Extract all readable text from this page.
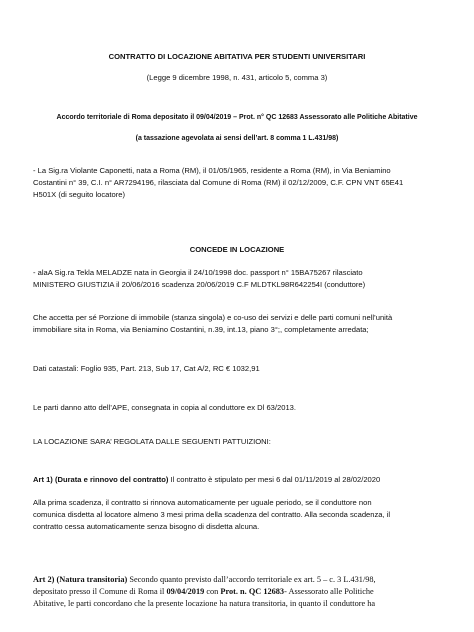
CONTRATTO DI LOCAZIONE ABITATIVA PER STUDENTI UNIVERSITARI
(Legge 9 dicembre 1998, n. 431, articolo 5, comma 3)
Accordo territoriale di Roma depositato il 09/04/2019 – Prot. n° QC 12683 Assessorato alle Politiche Abitative
(a tassazione agevolata ai sensi dell’art. 8 comma 1 L.431/98)
- La Sig.ra Violante Caponetti, nata a Roma (RM), il 01/05/1965, residente a Roma (RM), in Via Beniamino
Costantini n° 39, C.I. n° AR7294196, rilasciata dal Comune di Roma (RM) il 02/12/2009, C.F. CPN VNT 65E41
H501X (di seguito locatore)
CONCEDE IN LOCAZIONE
- alaA Sig.ra Tekla MELADZE nata in Georgia il 24/10/1998 doc. passport n° 15BA75267 rilasciato
MINISTERO GIUSTIZIA il 20/06/2016 scadenza 20/06/2019 C.F MLDTKL98R642254I (conduttore)
Che accetta per sé Porzione di immobile (stanza singola) e co-uso dei servizi e delle parti comuni nell’unità
immobiliare sita in Roma, via Beniamino Costantini, n.39, int.13, piano 3°;, completamente arredata;
Dati catastali: Foglio 935, Part. 213, Sub 17, Cat A/2, RC € 1032,91
Le parti danno atto dell’APE, consegnata in copia al conduttore ex Dl 63/2013.
LA LOCAZIONE SARA’ REGOLATA DALLE SEGUENTI PATTUIZIONI:
Art 1) (Durata e rinnovo del contratto) Il contratto è stipulato per mesi 6 dal 01/11/2019 al 28/02/2020
Alla prima scadenza, il contratto si rinnova automaticamente per uguale periodo, se il conduttore non
comunica disdetta al locatore almeno 3 mesi prima della scadenza del contratto. Alla seconda scadenza, il
contratto cessa automaticamente senza bisogno di disdetta alcuna.
Art 2) (Natura transitoria) Secondo quanto previsto dall’accordo territoriale ex art. 5 – c. 3 L.431/98,
depositato presso il Comune di Roma il 09/04/2019 con Prot. n. QC 12683- Assessorato alle Politiche
Abitative, le parti concordano che la presente locazione ha natura transitoria, in quanto il conduttore ha
